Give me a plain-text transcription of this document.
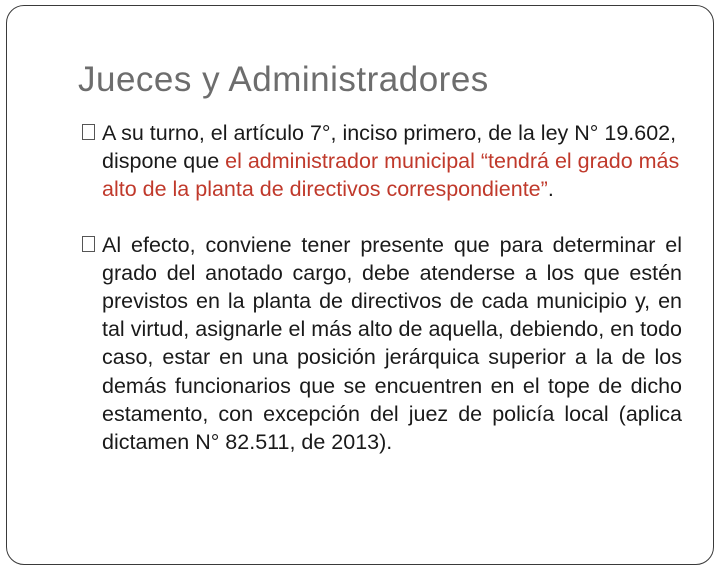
Jueces y Administradores

A su turno, el artículo 7°, inciso primero, de la ley N° 19.602, dispone que el administrador municipal “tendrá el grado más alto de la planta de directivos correspondiente”.

Al efecto, conviene tener presente que para determinar el grado del anotado cargo, debe atenderse a los que estén previstos en la planta de directivos de cada municipio y, en tal virtud, asignarle el más alto de aquella, debiendo, en todo caso, estar en una posición jerárquica superior a la de los demás funcionarios que se encuentren en el tope de dicho estamento, con excepción del juez de policía local (aplica dictamen N° 82.511, de 2013).
